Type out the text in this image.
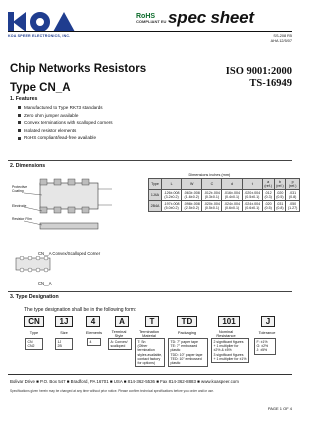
KOA SPEER ELECTRONICS, INC.
RoHS
COMPLIANT EU spec sheet
SS-208 R5
AHA 12/5/07
Chip Networks Resistors
Type CN_A
ISO 9001:2000
TS-16949
1. Features
Manufactured to Type RK73 standards
Zero ohm jumper available
Convex terminations with scalloped corners
Isolated resistor elements
RoHS compliant/lead-free available
2. Dimensions
Protective Coating
Electrode
Resistor Film
Dimensions inches (mm)								
Type	L	W	C	d	t	a (ref.)	b (ref.)	p (ref.)
1J4A	.126±.008 (3.2±0.2)	.063±.008 (1.6±0.2)	.012±.004 (0.3±0.1)	.016±.004 (0.4±0.1)	.020±.004 (0.5±0.1)	.012 (0.3)	.020 (0.5)	.031 (0.8)
2B4A	.197±.008 (5.0±0.2)	.098±.008 (2.5±0.2)	.020±.004 (0.5±0.1)	.024±.004 (0.6±0.1)	.024±.004 (0.6±0.1)	.020 (0.5)	.031 (0.8)	.050 (1.27)
CN__A Convex/Scalloped Corner
CN__A
3. Type Designation
The type designation shall be in the following form:
CN	1J	4	A	T	TD	101	J
Type	Size	Elements	Terminal Style
Termination Material
Packaging	Nominal Resistance
Tolerance
CN
CN2
1J
2B
4	A: Convex/
scalloped
T: Sn
(Other termination
styles available,
contact factory
for options)
TD: 7" paper tape
TE: 7" embossed plastic
TDD: 10" paper tape
TED: 10" embossed plastic
2 significant figures
+ 1 multiplier for
±2% & ±5%
3 significant figures
+ 1 multiplier for ±1%
F: ±1%
G: ±2%
J: ±5%
Bolivar Drive ■ P.O. Box 547 ■ Bradford, PA 16701 ■ USA ■ 814-362-5536 ■ Fax 814-362-8883 ■ www.koaspeer.com
Specifications given herein may be changed at any time without prior notice. Please confirm technical specifications before you order and/or use.
PAGE 1 OF 4
